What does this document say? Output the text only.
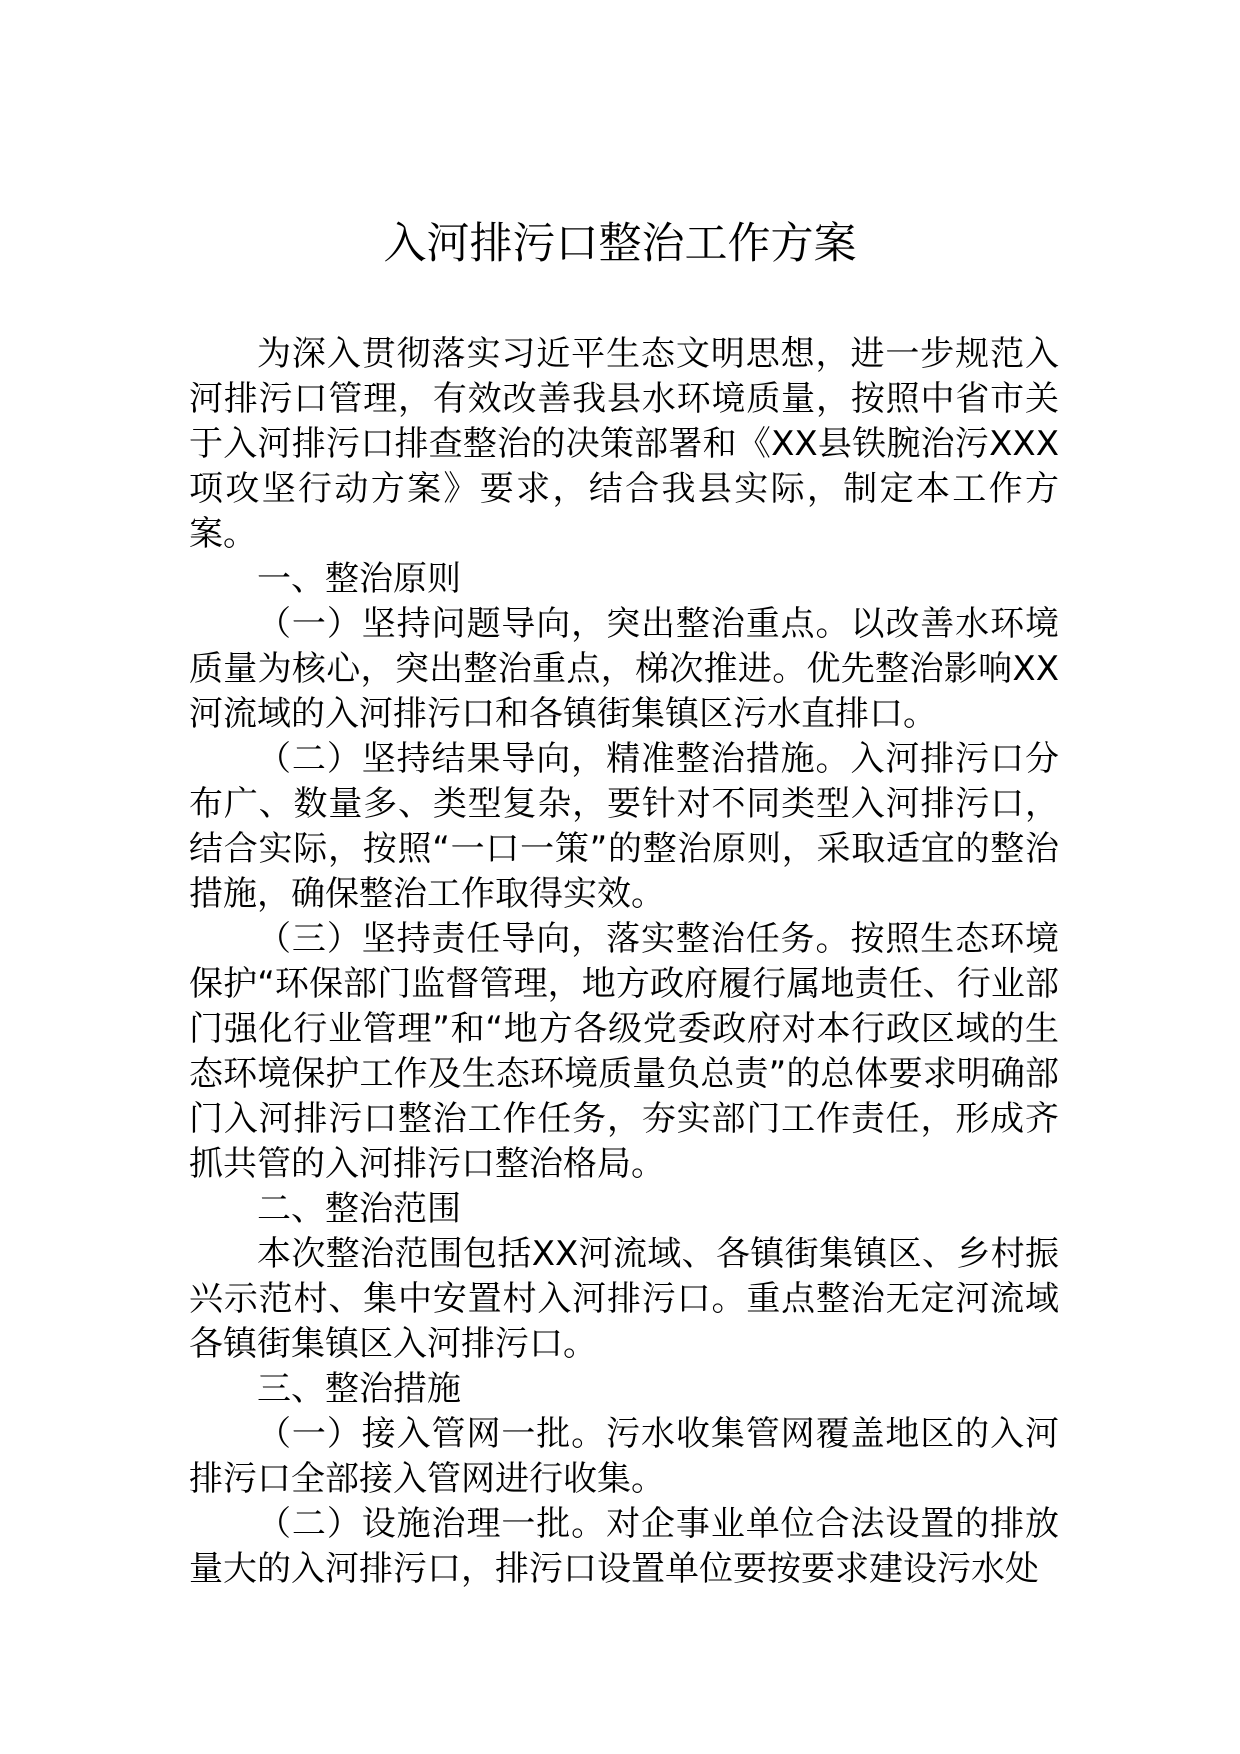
入河排污口整治工作方案

为深入贯彻落实习近平生态文明思想，进一步规范入河排污口管理，有效改善我县水环境质量，按照中省市关于入河排污口排查整治的决策部署和《XX县铁腕治污XXX项攻坚行动方案》要求，结合我县实际，制定本工作方案。

一、整治原则

（一）坚持问题导向，突出整治重点。以改善水环境质量为核心，突出整治重点，梯次推进。优先整治影响XX河流域的入河排污口和各镇街集镇区污水直排口。

（二）坚持结果导向，精准整治措施。入河排污口分布广、数量多、类型复杂，要针对不同类型入河排污口，结合实际，按照“一口一策”的整治原则，采取适宜的整治措施，确保整治工作取得实效。

（三）坚持责任导向，落实整治任务。按照生态环境保护“环保部门监督管理，地方政府履行属地责任、行业部门强化行业管理”和“地方各级党委政府对本行政区域的生态环境保护工作及生态环境质量负总责”的总体要求明确部门入河排污口整治工作任务，夯实部门工作责任，形成齐抓共管的入河排污口整治格局。

二、整治范围

本次整治范围包括XX河流域、各镇街集镇区、乡村振兴示范村、集中安置村入河排污口。重点整治无定河流域各镇街集镇区入河排污口。

三、整治措施

（一）接入管网一批。污水收集管网覆盖地区的入河排污口全部接入管网进行收集。

（二）设施治理一批。对企事业单位合法设置的排放量大的入河排污口，排污口设置单位要按要求建设污水处
